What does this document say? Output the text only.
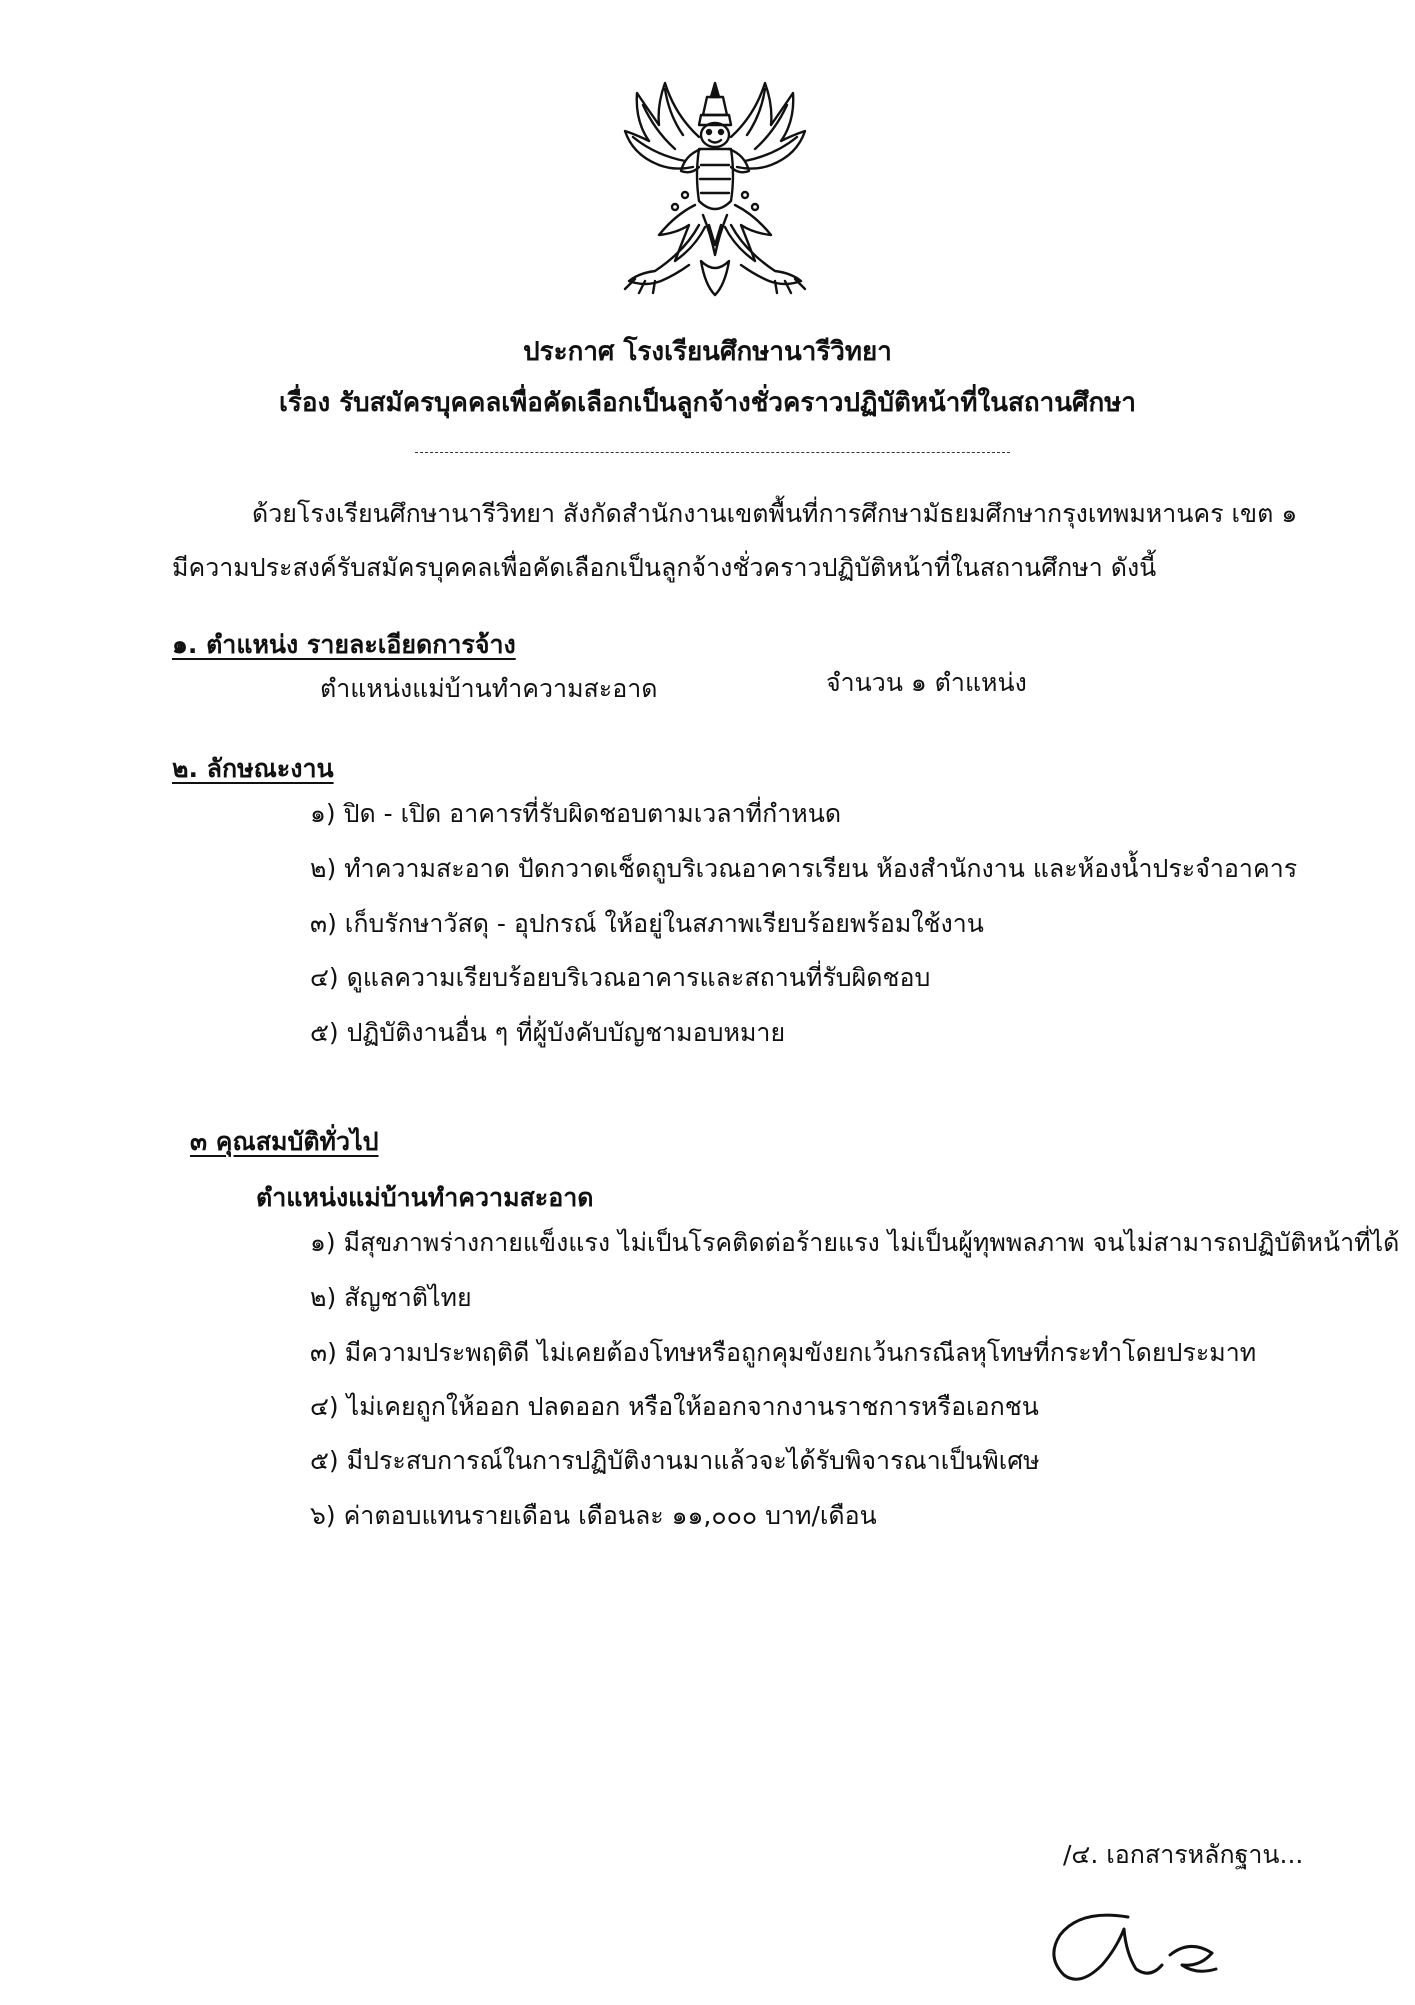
ประกาศ โรงเรียนศึกษานารีวิทยา
เรื่อง รับสมัครบุคคลเพื่อคัดเลือกเป็นลูกจ้างชั่วคราวปฏิบัติหน้าที่ในสถานศึกษา
ด้วยโรงเรียนศึกษานารีวิทยา สังกัดสำนักงานเขตพื้นที่การศึกษามัธยมศึกษากรุงเทพมหานคร เขต ๑
มีความประสงค์รับสมัครบุคคลเพื่อคัดเลือกเป็นลูกจ้างชั่วคราวปฏิบัติหน้าที่ในสถานศึกษา ดังนี้
๑. ตำแหน่ง รายละเอียดการจ้าง
ตำแหน่งแม่บ้านทำความสะอาด	จำนวน ๑ ตำแหน่ง
๒. ลักษณะงาน
๑) ปิด - เปิด อาคารที่รับผิดชอบตามเวลาที่กำหนด
๒) ทำความสะอาด ปัดกวาดเช็ดถูบริเวณอาคารเรียน ห้องสำนักงาน และห้องน้ำประจำอาคาร
๓) เก็บรักษาวัสดุ - อุปกรณ์ ให้อยู่ในสภาพเรียบร้อยพร้อมใช้งาน
๔) ดูแลความเรียบร้อยบริเวณอาคารและสถานที่รับผิดชอบ
๕) ปฏิบัติงานอื่น ๆ ที่ผู้บังคับบัญชามอบหมาย
๓ คุณสมบัติทั่วไป
ตำแหน่งแม่บ้านทำความสะอาด
๑) มีสุขภาพร่างกายแข็งแรง ไม่เป็นโรคติดต่อร้ายแรง ไม่เป็นผู้ทุพพลภาพ จนไม่สามารถปฏิบัติหน้าที่ได้
๒) สัญชาติไทย
๓) มีความประพฤติดี ไม่เคยต้องโทษหรือถูกคุมขังยกเว้นกรณีลหุโทษที่กระทำโดยประมาท
๔) ไม่เคยถูกให้ออก ปลดออก หรือให้ออกจากงานราชการหรือเอกชน
๕) มีประสบการณ์ในการปฏิบัติงานมาแล้วจะได้รับพิจารณาเป็นพิเศษ
๖) ค่าตอบแทนรายเดือน เดือนละ ๑๑,๐๐๐ บาท/เดือน
/๔. เอกสารหลักฐาน...
